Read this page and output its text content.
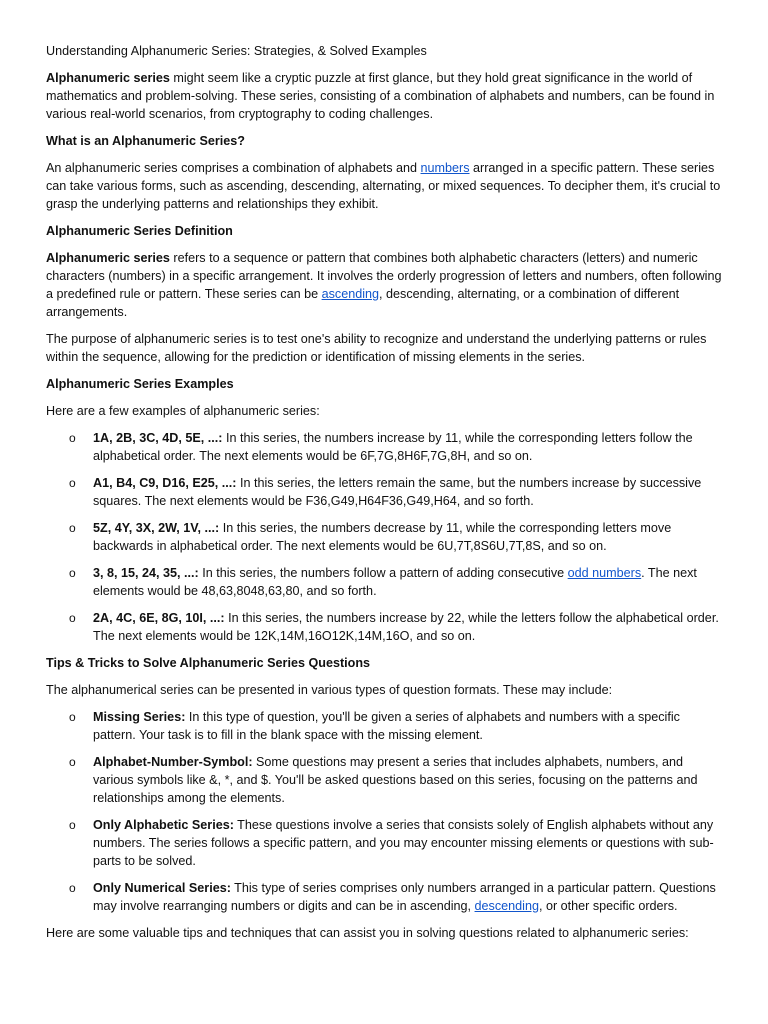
Understanding Alphanumeric Series: Strategies, & Solved Examples

Alphanumeric series might seem like a cryptic puzzle at first glance, but they hold great significance in the world of mathematics and problem-solving. These series, consisting of a combination of alphabets and numbers, can be found in various real-world scenarios, from cryptography to coding challenges.

What is an Alphanumeric Series?

An alphanumeric series comprises a combination of alphabets and numbers arranged in a specific pattern. These series can take various forms, such as ascending, descending, alternating, or mixed sequences. To decipher them, it's crucial to grasp the underlying patterns and relationships they exhibit.

Alphanumeric Series Definition

Alphanumeric series refers to a sequence or pattern that combines both alphabetic characters (letters) and numeric characters (numbers) in a specific arrangement. It involves the orderly progression of letters and numbers, often following a predefined rule or pattern. These series can be ascending, descending, alternating, or a combination of different arrangements.

The purpose of alphanumeric series is to test one's ability to recognize and understand the underlying patterns or rules within the sequence, allowing for the prediction or identification of missing elements in the series.

Alphanumeric Series Examples

Here are a few examples of alphanumeric series:

o	1A, 2B, 3C, 4D, 5E, ...: In this series, the numbers increase by 11, while the corresponding letters follow the alphabetical order. The next elements would be 6F,7G,8H6F,7G,8H, and so on.
o	A1, B4, C9, D16, E25, ...: In this series, the letters remain the same, but the numbers increase by successive squares. The next elements would be F36,G49,H64F36,G49,H64, and so forth.
o	5Z, 4Y, 3X, 2W, 1V, ...: In this series, the numbers decrease by 11, while the corresponding letters move backwards in alphabetical order. The next elements would be 6U,7T,8S6U,7T,8S, and so on.
o	3, 8, 15, 24, 35, ...: In this series, the numbers follow a pattern of adding consecutive odd numbers. The next elements would be 48,63,8048,63,80, and so forth.
o	2A, 4C, 6E, 8G, 10I, ...: In this series, the numbers increase by 22, while the letters follow the alphabetical order. The next elements would be 12K,14M,16O12K,14M,16O, and so on.

Tips & Tricks to Solve Alphanumeric Series Questions

The alphanumerical series can be presented in various types of question formats. These may include:

o	Missing Series: In this type of question, you'll be given a series of alphabets and numbers with a specific pattern. Your task is to fill in the blank space with the missing element.
o	Alphabet-Number-Symbol: Some questions may present a series that includes alphabets, numbers, and various symbols like &, *, and $. You'll be asked questions based on this series, focusing on the patterns and relationships among the elements.
o	Only Alphabetic Series: These questions involve a series that consists solely of English alphabets without any numbers. The series follows a specific pattern, and you may encounter missing elements or questions with sub-parts to be solved.
o	Only Numerical Series: This type of series comprises only numbers arranged in a particular pattern. Questions may involve rearranging numbers or digits and can be in ascending, descending, or other specific orders.

Here are some valuable tips and techniques that can assist you in solving questions related to alphanumeric series:
